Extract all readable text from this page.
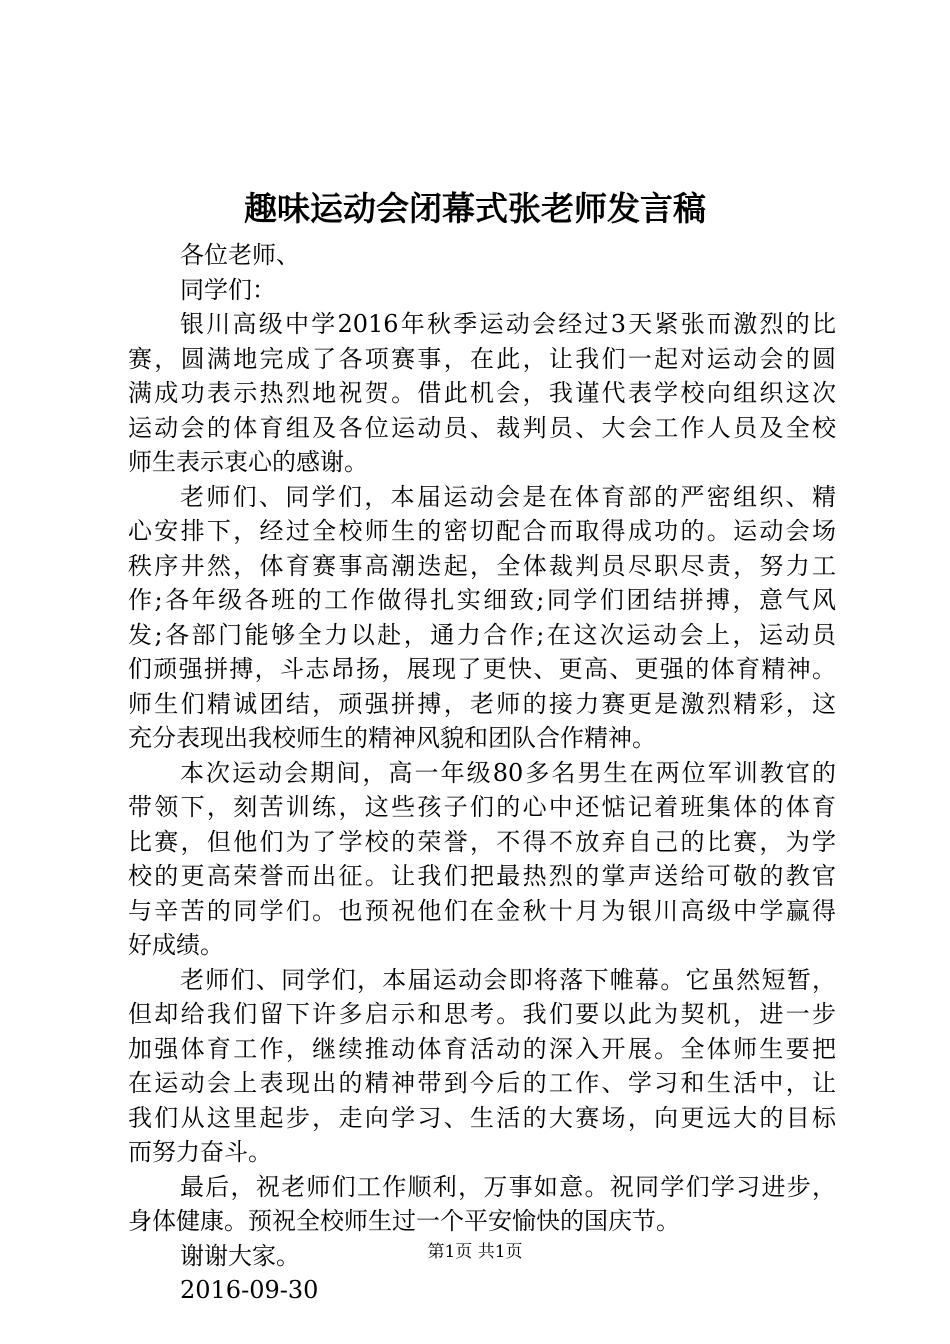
趣味运动会闭幕式张老师发言稿
各位老师、
同学们：
银川高级中学2016年秋季运动会经过3天紧张而激烈的比
赛，圆满地完成了各项赛事，在此，让我们一起对运动会的圆
满成功表示热烈地祝贺。借此机会，我谨代表学校向组织这次
运动会的体育组及各位运动员、裁判员、大会工作人员及全校
师生表示衷心的感谢。
老师们、同学们，本届运动会是在体育部的严密组织、精
心安排下，经过全校师生的密切配合而取得成功的。运动会场
秩序井然，体育赛事高潮迭起，全体裁判员尽职尽责，努力工
作;各年级各班的工作做得扎实细致;同学们团结拼搏，意气风
发;各部门能够全力以赴，通力合作;在这次运动会上，运动员
们顽强拼搏，斗志昂扬，展现了更快、更高、更强的体育精神。
师生们精诚团结，顽强拼搏，老师的接力赛更是激烈精彩，这
充分表现出我校师生的精神风貌和团队合作精神。
本次运动会期间，高一年级80多名男生在两位军训教官的
带领下，刻苦训练，这些孩子们的心中还惦记着班集体的体育
比赛，但他们为了学校的荣誉，不得不放弃自己的比赛，为学
校的更高荣誉而出征。让我们把最热烈的掌声送给可敬的教官
与辛苦的同学们。也预祝他们在金秋十月为银川高级中学赢得
好成绩。
老师们、同学们，本届运动会即将落下帷幕。它虽然短暂，
但却给我们留下许多启示和思考。我们要以此为契机，进一步
加强体育工作，继续推动体育活动的深入开展。全体师生要把
在运动会上表现出的精神带到今后的工作、学习和生活中，让
我们从这里起步，走向学习、生活的大赛场，向更远大的目标
而努力奋斗。
最后，祝老师们工作顺利，万事如意。祝同学们学习进步，
身体健康。预祝全校师生过一个平安愉快的国庆节。
谢谢大家。
2016-09-30
第1页 共1页
